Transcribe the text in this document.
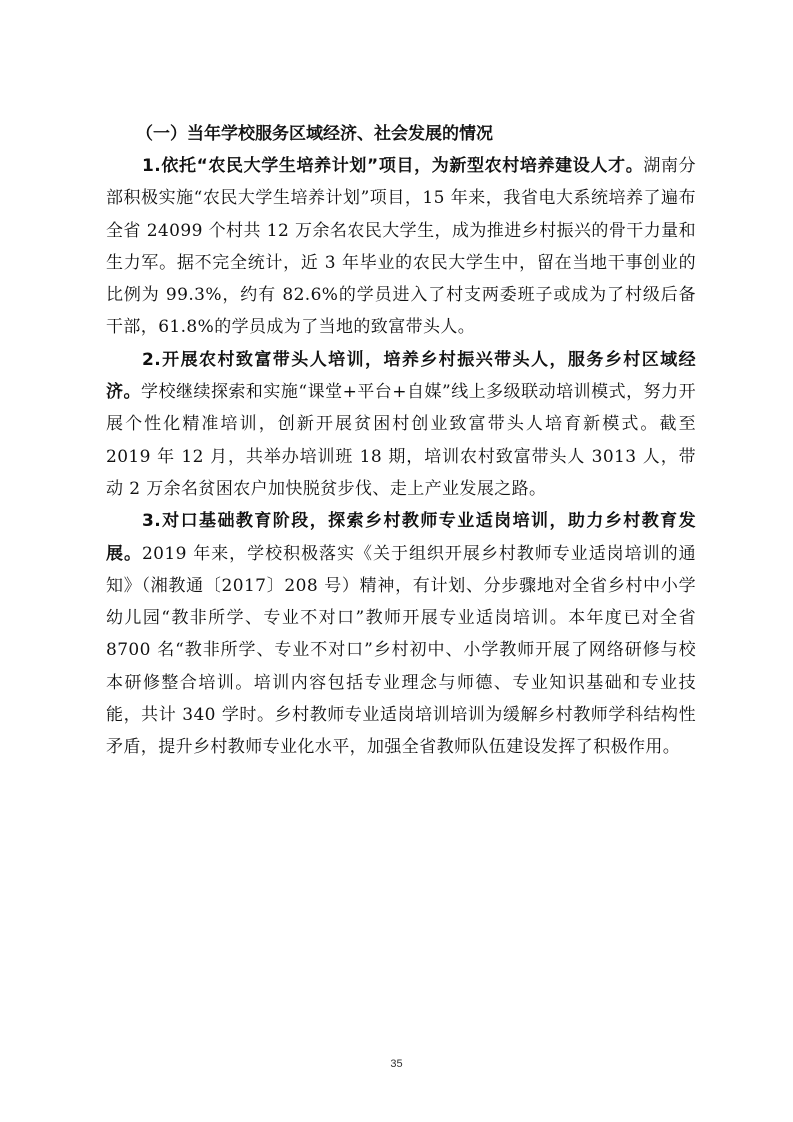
（一）当年学校服务区域经济、社会发展的情况

1.依托“农民大学生培养计划”项目，为新型农村培养建设人才。湖南分部积极实施“农民大学生培养计划”项目，15 年来，我省电大系统培养了遍布全省 24099 个村共 12 万余名农民大学生，成为推进乡村振兴的骨干力量和生力军。据不完全统计，近 3 年毕业的农民大学生中，留在当地干事创业的比例为 99.3%，约有 82.6%的学员进入了村支两委班子或成为了村级后备干部，61.8%的学员成为了当地的致富带头人。

2.开展农村致富带头人培训，培养乡村振兴带头人，服务乡村区域经济。学校继续探索和实施“课堂+平台+自媒”线上多级联动培训模式，努力开展个性化精准培训，创新开展贫困村创业致富带头人培育新模式。截至 2019 年 12 月，共举办培训班 18 期，培训农村致富带头人 3013 人，带动 2 万余名贫困农户加快脱贫步伐、走上产业发展之路。

3.对口基础教育阶段，探索乡村教师专业适岗培训，助力乡村教育发展。2019 年来，学校积极落实《关于组织开展乡村教师专业适岗培训的通知》（湘教通〔2017〕208 号）精神，有计划、分步骤地对全省乡村中小学幼儿园“教非所学、专业不对口”教师开展专业适岗培训。本年度已对全省 8700 名“教非所学、专业不对口”乡村初中、小学教师开展了网络研修与校本研修整合培训。培训内容包括专业理念与师德、专业知识基础和专业技能，共计 340 学时。乡村教师专业适岗培训培训为缓解乡村教师学科结构性矛盾，提升乡村教师专业化水平，加强全省教师队伍建设发挥了积极作用。

35
